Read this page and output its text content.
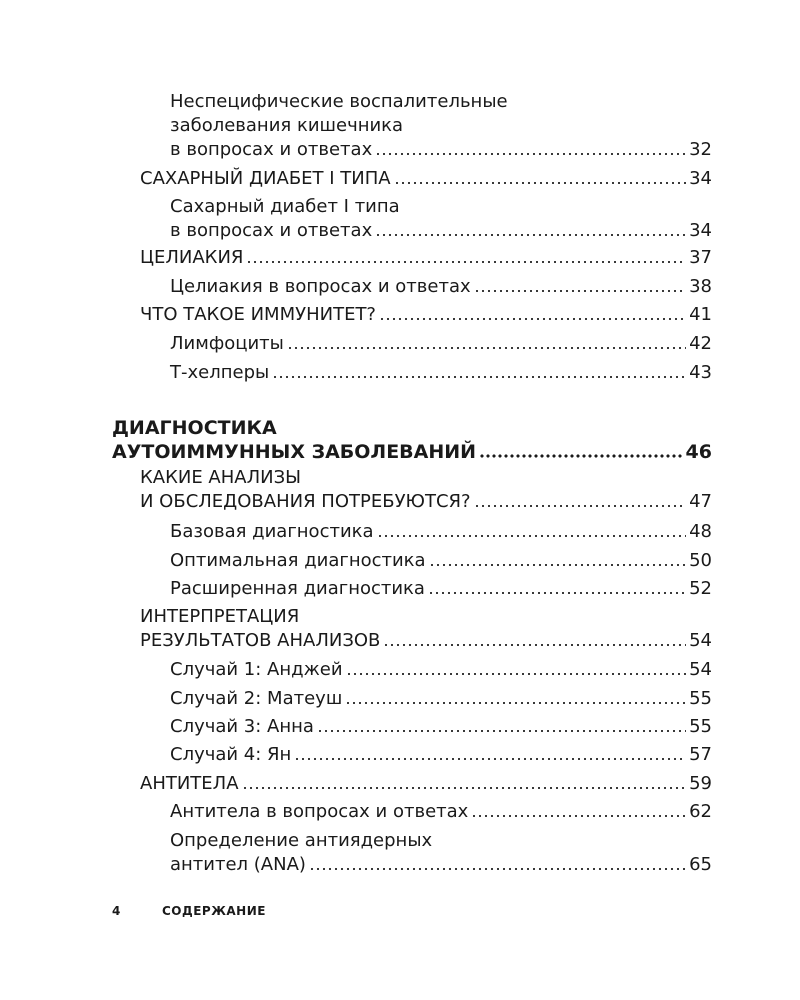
Неспецифические воспалительные
заболевания кишечника
в вопросах и ответах	32
САХАРНЫЙ ДИАБЕТ I ТИПА	34
Сахарный диабет I типа
в вопросах и ответах	34
ЦЕЛИАКИЯ	37
Целиакия в вопросах и ответах	38
ЧТО ТАКОЕ ИММУНИТЕТ?	41
Лимфоциты	42
Т-хелперы	43
ДИАГНОСТИКА
АУТОИММУННЫХ ЗАБОЛЕВАНИЙ	46
КАКИЕ АНАЛИЗЫ
И ОБСЛЕДОВАНИЯ ПОТРЕБУЮТСЯ?	47
Базовая диагностика	48
Оптимальная диагностика	50
Расширенная диагностика	52
ИНТЕРПРЕТАЦИЯ
РЕЗУЛЬТАТОВ АНАЛИЗОВ	54
Случай 1: Анджей	54
Случай 2: Матеуш	55
Случай 3: Анна	55
Случай 4: Ян	57
АНТИТЕЛА	59
Антитела в вопросах и ответах	62
Определение антиядерных
антител (ANA)	65
4	СОДЕРЖАНИЕ
